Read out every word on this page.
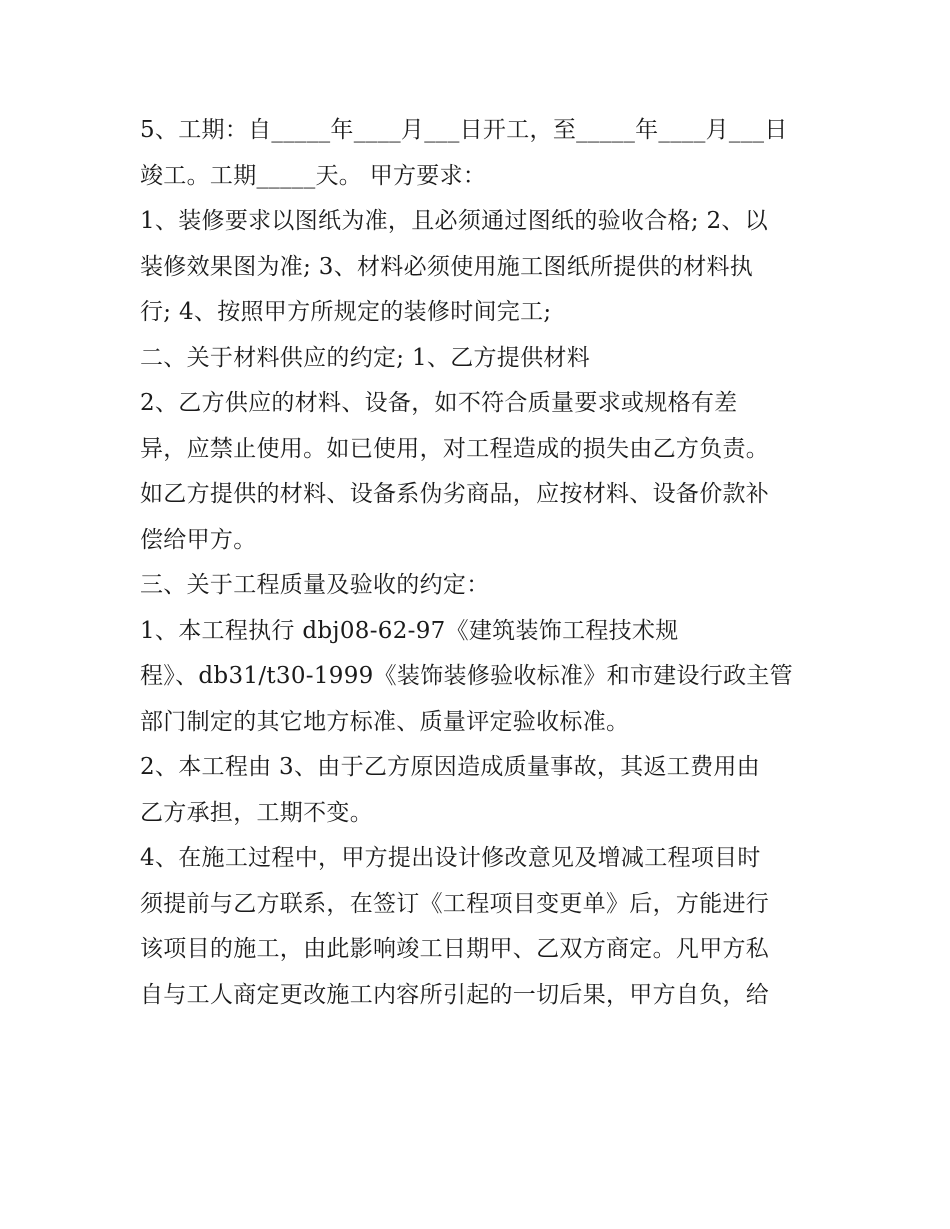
5、工期：自_____年____月___日开工，至_____年____月___日
竣工。工期_____天。 甲方要求：
1、装修要求以图纸为准，且必须通过图纸的验收合格; 2、以
装修效果图为准; 3、材料必须使用施工图纸所提供的材料执
行; 4、按照甲方所规定的装修时间完工;
二、关于材料供应的约定; 1、乙方提供材料
2、乙方供应的材料、设备，如不符合质量要求或规格有差
异，应禁止使用。如已使用，对工程造成的损失由乙方负责。
如乙方提供的材料、设备系伪劣商品，应按材料、设备价款补
偿给甲方。
三、关于工程质量及验收的约定：
1、本工程执行 dbj08-62-97《建筑装饰工程技术规
程》、db31/t30-1999《装饰装修验收标准》和市建设行政主管
部门制定的其它地方标准、质量评定验收标准。
2、本工程由 3、由于乙方原因造成质量事故，其返工费用由
乙方承担，工期不变。
4、在施工过程中，甲方提出设计修改意见及增减工程项目时
须提前与乙方联系，在签订《工程项目变更单》后，方能进行
该项目的施工，由此影响竣工日期甲、乙双方商定。凡甲方私
自与工人商定更改施工内容所引起的一切后果，甲方自负，给
